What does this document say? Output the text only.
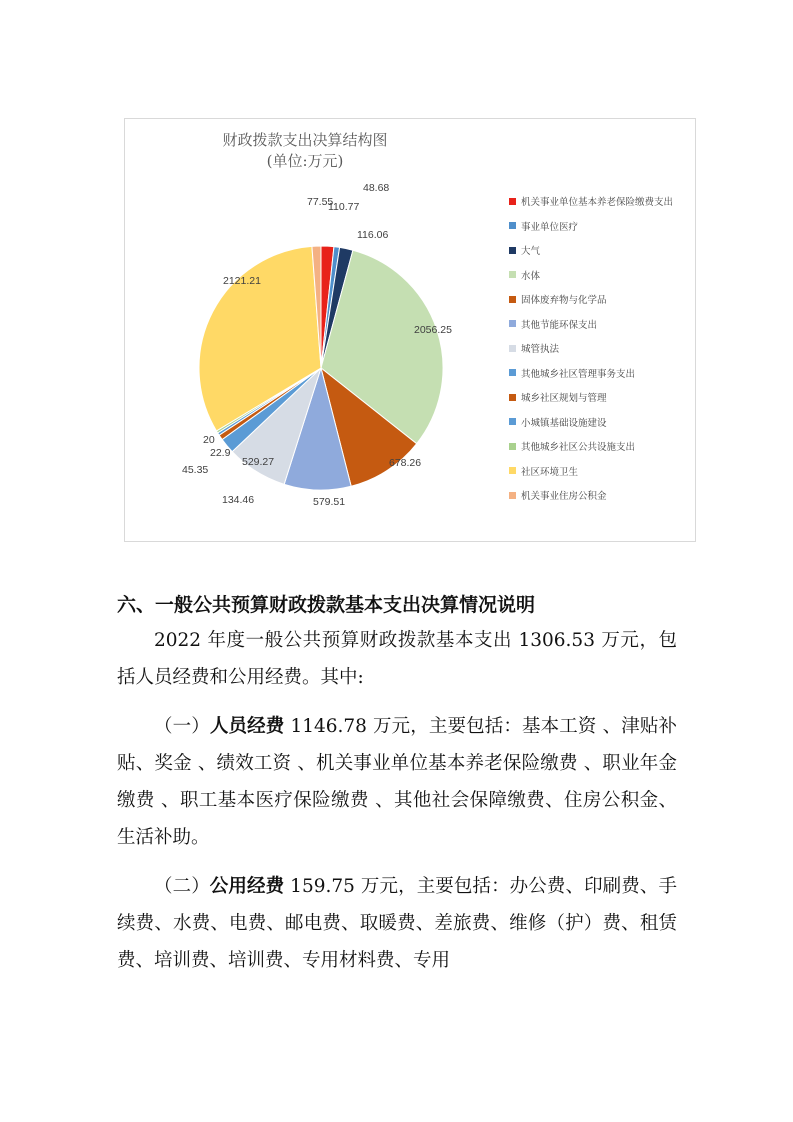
财政拨款支出决算结构图
(单位:万元)
110.77
48.68
116.06
2056.25
678.26
579.51
529.27
134.46
45.35
22.9
20
2121.21
77.55	机关事业单位基本养老保险缴费支出
事业单位医疗
大气
水体
固体废弃物与化学品
其他节能环保支出
城管执法
其他城乡社区管理事务支出
城乡社区规划与管理
小城镇基础设施建设
其他城乡社区公共设施支出
社区环境卫生
机关事业住房公积金

六、一般公共预算财政拨款基本支出决算情况说明

2022 年度一般公共预算财政拨款基本支出 1306.53 万元，包括人员经费和公用经费。其中:

（一）人员经费 1146.78 万元，主要包括：基本工资 、津贴补贴、奖金 、绩效工资 、机关事业单位基本养老保险缴费 、职业年金缴费 、职工基本医疗保险缴费 、其他社会保障缴费、住房公积金、生活补助。

（二）公用经费 159.75 万元，主要包括：办公费、印刷费、手续费、水费、电费、邮电费、取暖费、差旅费、维修（护）费、租赁费、培训费、培训费、专用材料费、专用
